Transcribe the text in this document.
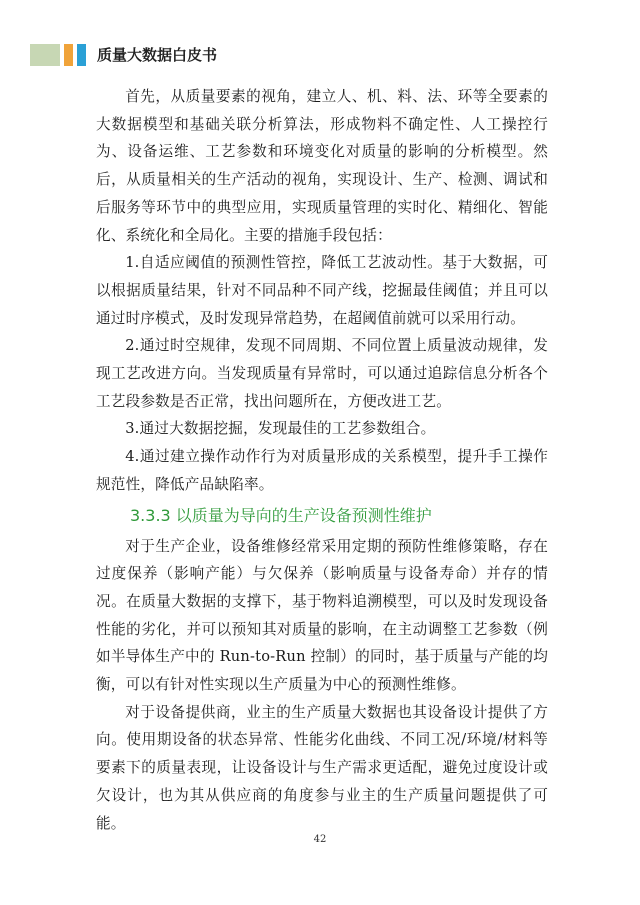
质量大数据白皮书

首先，从质量要素的视角，建立人、机、料、法、环等全要素的大数据模型和基础关联分析算法，形成物料不确定性、人工操控行为、设备运维、工艺参数和环境变化对质量的影响的分析模型。然后，从质量相关的生产活动的视角，实现设计、生产、检测、调试和后服务等环节中的典型应用，实现质量管理的实时化、精细化、智能化、系统化和全局化。主要的措施手段包括：

1.自适应阈值的预测性管控，降低工艺波动性。基于大数据，可以根据质量结果，针对不同品种不同产线，挖掘最佳阈值；并且可以通过时序模式，及时发现异常趋势，在超阈值前就可以采用行动。

2.通过时空规律，发现不同周期、不同位置上质量波动规律，发现工艺改进方向。当发现质量有异常时，可以通过追踪信息分析各个工艺段参数是否正常，找出问题所在，方便改进工艺。

3.通过大数据挖掘，发现最佳的工艺参数组合。

4.通过建立操作动作行为对质量形成的关系模型，提升手工操作规范性，降低产品缺陷率。

3.3.3 以质量为导向的生产设备预测性维护

对于生产企业，设备维修经常采用定期的预防性维修策略，存在过度保养（影响产能）与欠保养（影响质量与设备寿命）并存的情况。在质量大数据的支撑下，基于物料追溯模型，可以及时发现设备性能的劣化，并可以预知其对质量的影响，在主动调整工艺参数（例如半导体生产中的 Run-to-Run 控制）的同时，基于质量与产能的均衡，可以有针对性实现以生产质量为中心的预测性维修。

对于设备提供商，业主的生产质量大数据也其设备设计提供了方向。使用期设备的状态异常、性能劣化曲线、不同工况/环境/材料等要素下的质量表现，让设备设计与生产需求更适配，避免过度设计或欠设计，也为其从供应商的角度参与业主的生产质量问题提供了可能。

42
